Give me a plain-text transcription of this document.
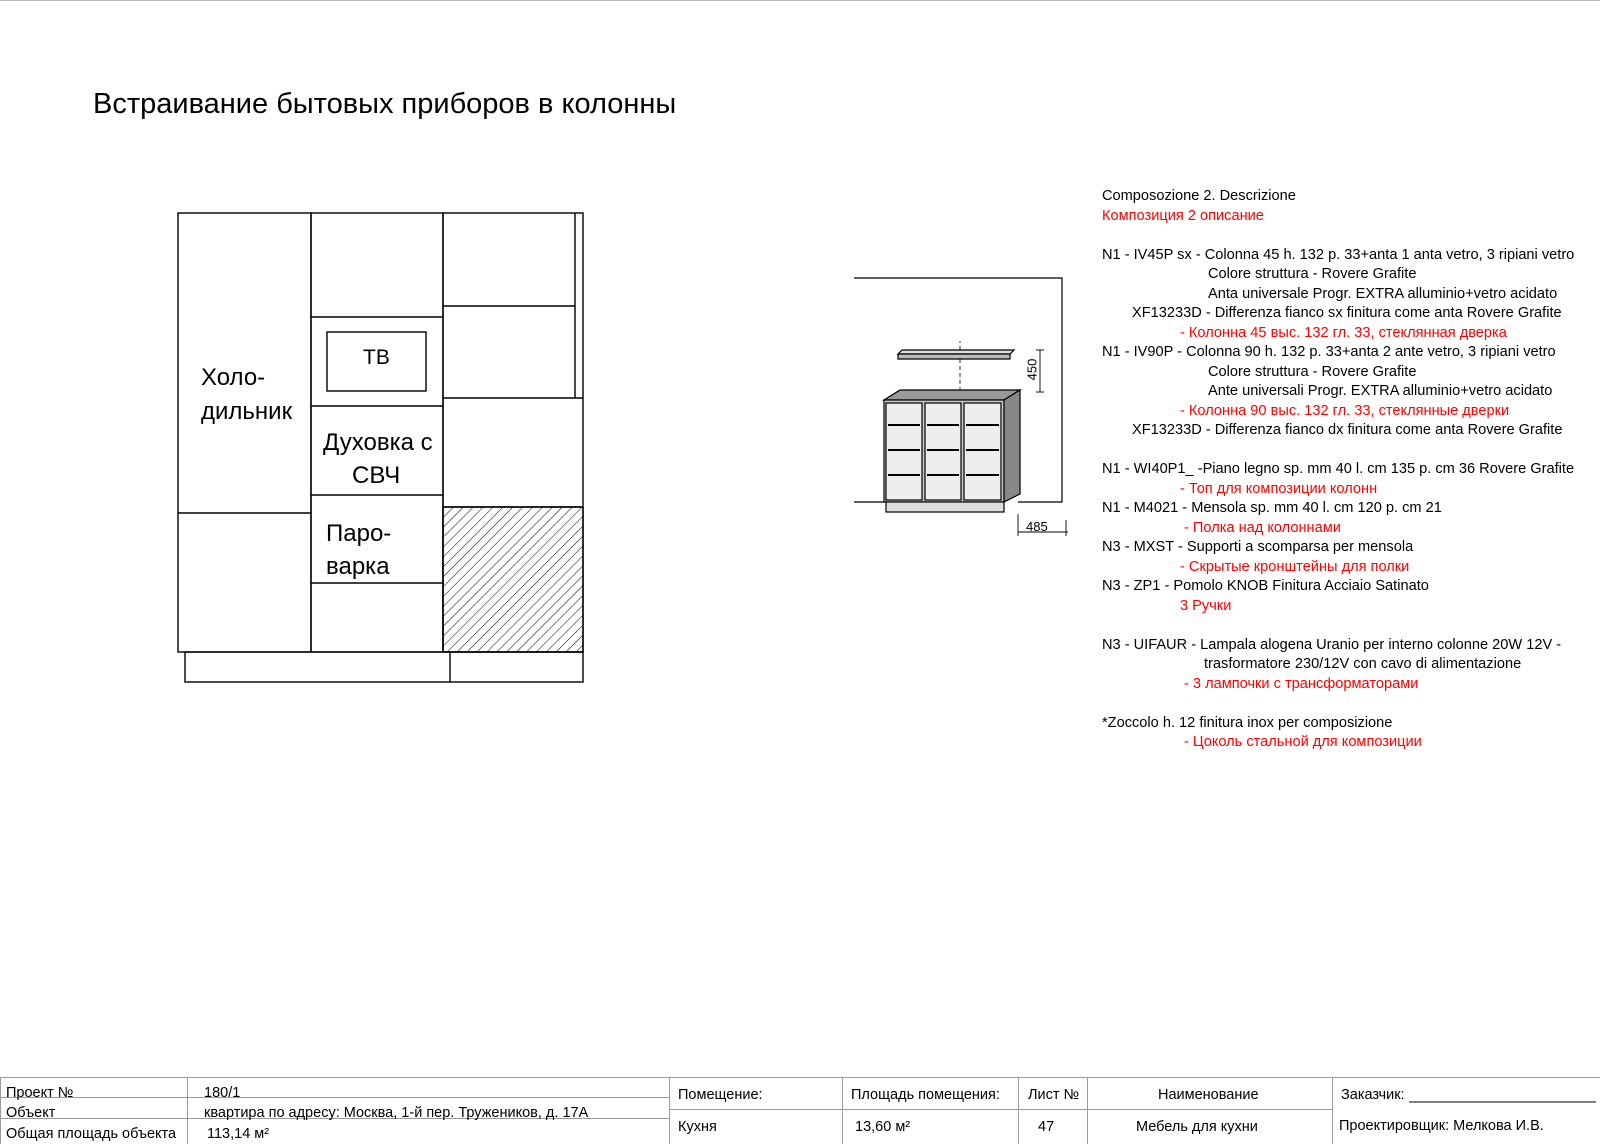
Встраивание бытовых приборов в колонны
Холо-
дильник
ТВ
Духовка с
СВЧ
Паро-
варка
450
485
Composozione 2. Descrizione
Композиция 2 описание
N1 - IV45P sx - Colonna 45 h. 132 p. 33+anta 1 anta vetro, 3 ripiani vetro
Colore struttura - Rovere Grafite
Anta universale Progr. EXTRA alluminio+vetro acidato
XF13233D - Differenza fianco sx finitura come anta Rovere Grafite
- Колонна 45 выс. 132 гл. 33, стеклянная дверка
N1 - IV90P - Colonna 90 h. 132 p. 33+anta 2 ante vetro, 3 ripiani vetro
Colore struttura - Rovere Grafite
Ante universali Progr. EXTRA alluminio+vetro acidato
- Колонна 90 выс. 132 гл. 33, стеклянные дверки
XF13233D - Differenza fianco dx finitura come anta Rovere Grafite
N1 - WI40P1_ -Piano legno sp. mm 40 l. cm 135 p. cm 36 Rovere Grafite
- Топ для композиции колонн
N1 - M4021 - Mensola sp. mm 40 l. cm 120 p. cm 21
- Полка над колоннами
N3 - MXST - Supporti a scomparsa per mensola
- Скрытые кронштейны для полки
N3 - ZP1 - Pomolo KNOB Finitura Acciaio Satinato
3 Ручки
N3 - UIFAUR - Lampala alogena Uranio per interno colonne 20W 12V -
trasformatore 230/12V con cavo di alimentazione
- 3 лампочки с трансформаторами
*Zoccolo h. 12 finitura inox per composizione
- Цоколь стальной для композиции
Проект №	180/1
Объект	квартира по адресу: Москва, 1-й пер. Тружеников, д. 17А
Общая площадь объекта 113,14 м²
Помещение:
Кухня
Площадь помещения:
13,60 м²
Лист №
47
Наименование
Мебель для кухни
Заказчик:
Проектировщик: Мелкова И.В.
